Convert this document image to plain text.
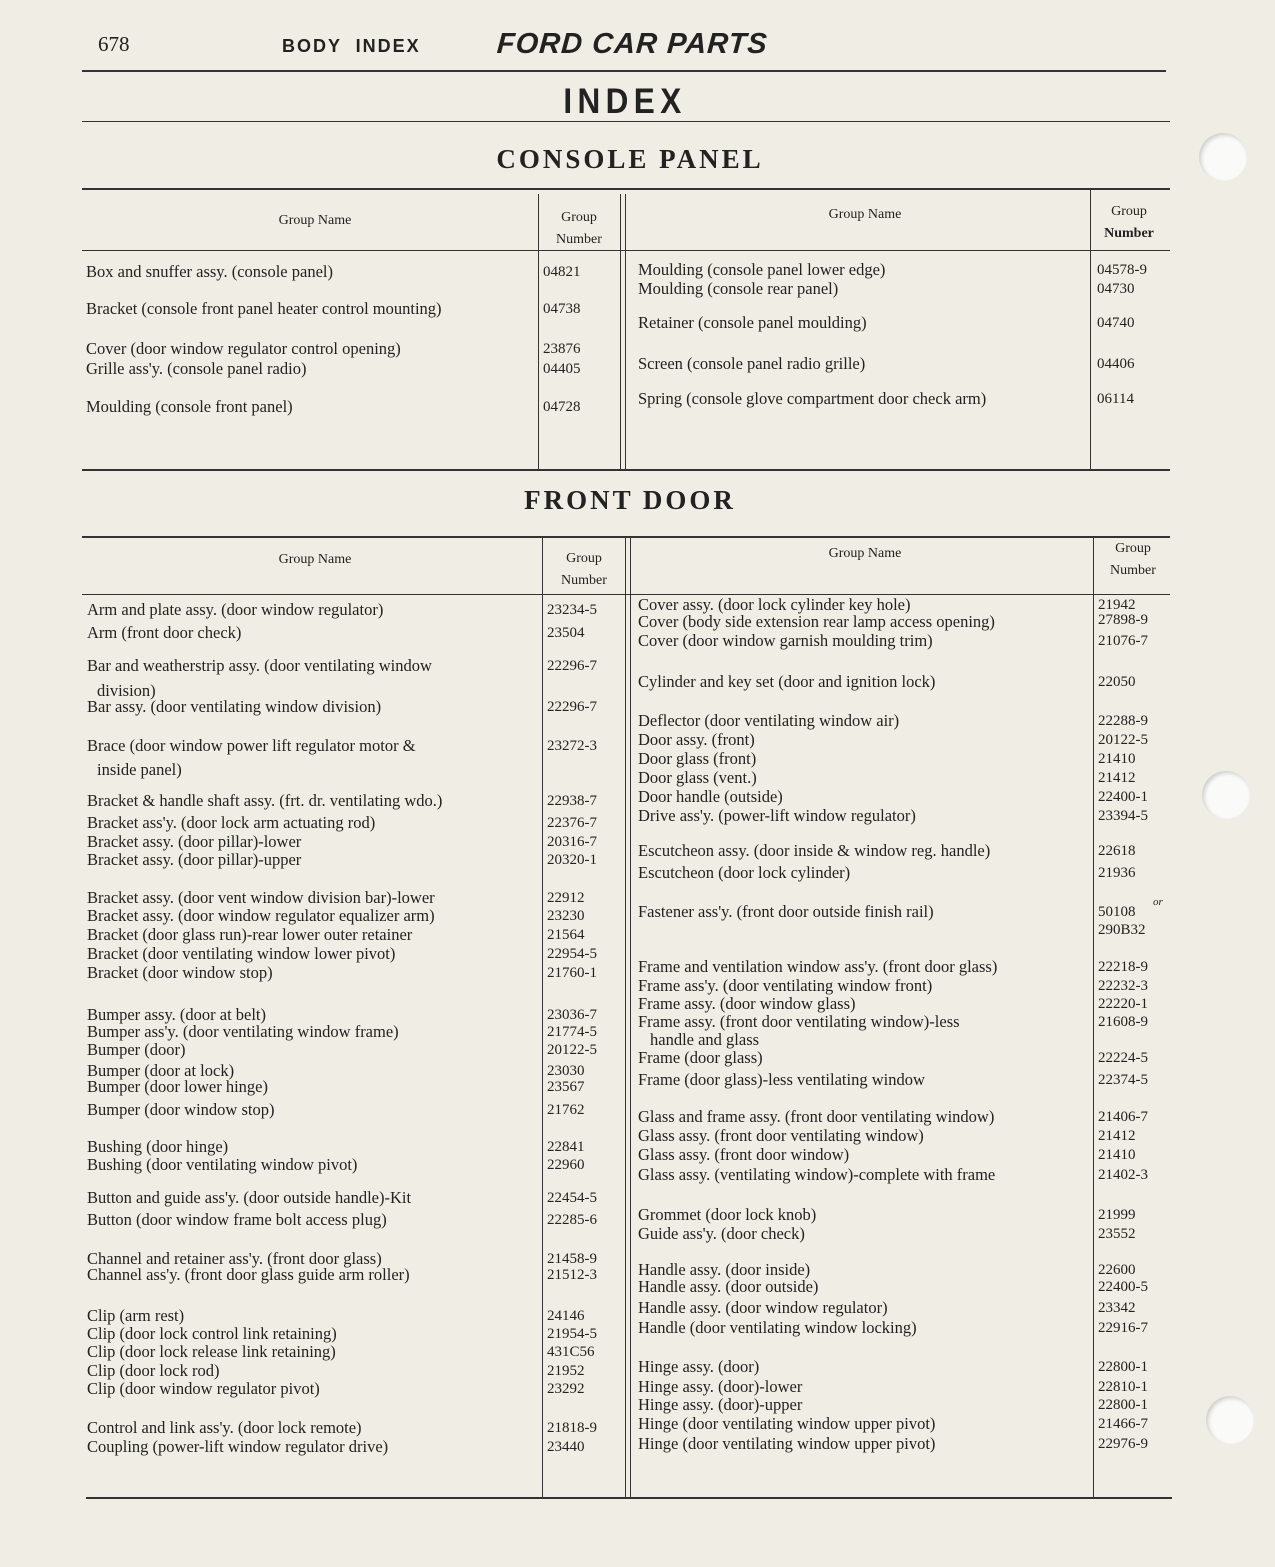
678	BODY  INDEX	FORD CAR PARTS
INDEX
CONSOLE PANEL
Group Name	Group
Number
Group Name	Group
Number
Box and snuffer assy. (console panel)	04821
Bracket (console front panel heater control mounting)	04738
Cover (door window regulator control opening)	23876
Grille ass'y. (console panel radio)	04405
Moulding (console front panel)	04728
Moulding (console panel lower edge)	04578-9
Moulding (console rear panel)	04730
Retainer (console panel moulding)	04740
Screen (console panel radio grille)	04406
Spring (console glove compartment door check arm)	06114
FRONT DOOR
Group Name	Group
Number
Group Name	Group
Number
Arm and plate assy. (door window regulator)	23234-5
Arm (front door check)	23504
Bar and weatherstrip assy. (door ventilating window	22296-7
division)
Bar assy. (door ventilating window division)	22296-7
Brace (door window power lift regulator motor &	23272-3
inside panel)
Bracket & handle shaft assy. (frt. dr. ventilating wdo.)	22938-7
Bracket ass'y. (door lock arm actuating rod)	22376-7
Bracket assy. (door pillar)-lower	20316-7
Bracket assy. (door pillar)-upper	20320-1
Bracket assy. (door vent window division bar)-lower	22912
Bracket assy. (door window regulator equalizer arm)	23230
Bracket (door glass run)-rear lower outer retainer	21564
Bracket (door ventilating window lower pivot)	22954-5
Bracket (door window stop)	21760-1
Bumper assy. (door at belt)	23036-7
Bumper ass'y. (door ventilating window frame)	21774-5
Bumper (door)	20122-5
Bumper (door at lock)	23030
Bumper (door lower hinge)	23567
Bumper (door window stop)	21762
Bushing (door hinge)	22841
Bushing (door ventilating window pivot)	22960
Button and guide ass'y. (door outside handle)-Kit	22454-5
Button (door window frame bolt access plug)	22285-6
Channel and retainer ass'y. (front door glass)	21458-9
Channel ass'y. (front door glass guide arm roller)	21512-3
Clip (arm rest)	24146
Clip (door lock control link retaining)	21954-5
Clip (door lock release link retaining)	431C56
Clip (door lock rod)	21952
Clip (door window regulator pivot)	23292
Control and link ass'y. (door lock remote)	21818-9
Coupling (power-lift window regulator drive)	23440
Cover assy. (door lock cylinder key hole)	21942
Cover (body side extension rear lamp access opening)	27898-9
Cover (door window garnish moulding trim)	21076-7
Cylinder and key set (door and ignition lock)	22050
Deflector (door ventilating window air)	22288-9
Door assy. (front)	20122-5
Door glass (front)	21410
Door glass (vent.)	21412
Door handle (outside)	22400-1
Drive ass'y. (power-lift window regulator)	23394-5
Escutcheon assy. (door inside & window reg. handle)	22618
Escutcheon (door lock cylinder)	21936
Fastener ass'y. (front door outside finish rail)	50108
290B32
Frame and ventilation window ass'y. (front door glass)	22218-9
Frame ass'y. (door ventilating window front)	22232-3
Frame assy. (door window glass)	22220-1
Frame assy. (front door ventilating window)-less	21608-9
handle and glass
Frame (door glass)	22224-5
Frame (door glass)-less ventilating window	22374-5
Glass and frame assy. (front door ventilating window)	21406-7
Glass assy. (front door ventilating window)	21412
Glass assy. (front door window)	21410
Glass assy. (ventilating window)-complete with frame	21402-3
Grommet (door lock knob)	21999
Guide ass'y. (door check)	23552
Handle assy. (door inside)	22600
Handle assy. (door outside)	22400-5
Handle assy. (door window regulator)	23342
Handle (door ventilating window locking)	22916-7
Hinge assy. (door)	22800-1
Hinge assy. (door)-lower	22810-1
Hinge assy. (door)-upper	22800-1
Hinge (door ventilating window upper pivot)	21466-7
Hinge (door ventilating window upper pivot)	22976-9
or
